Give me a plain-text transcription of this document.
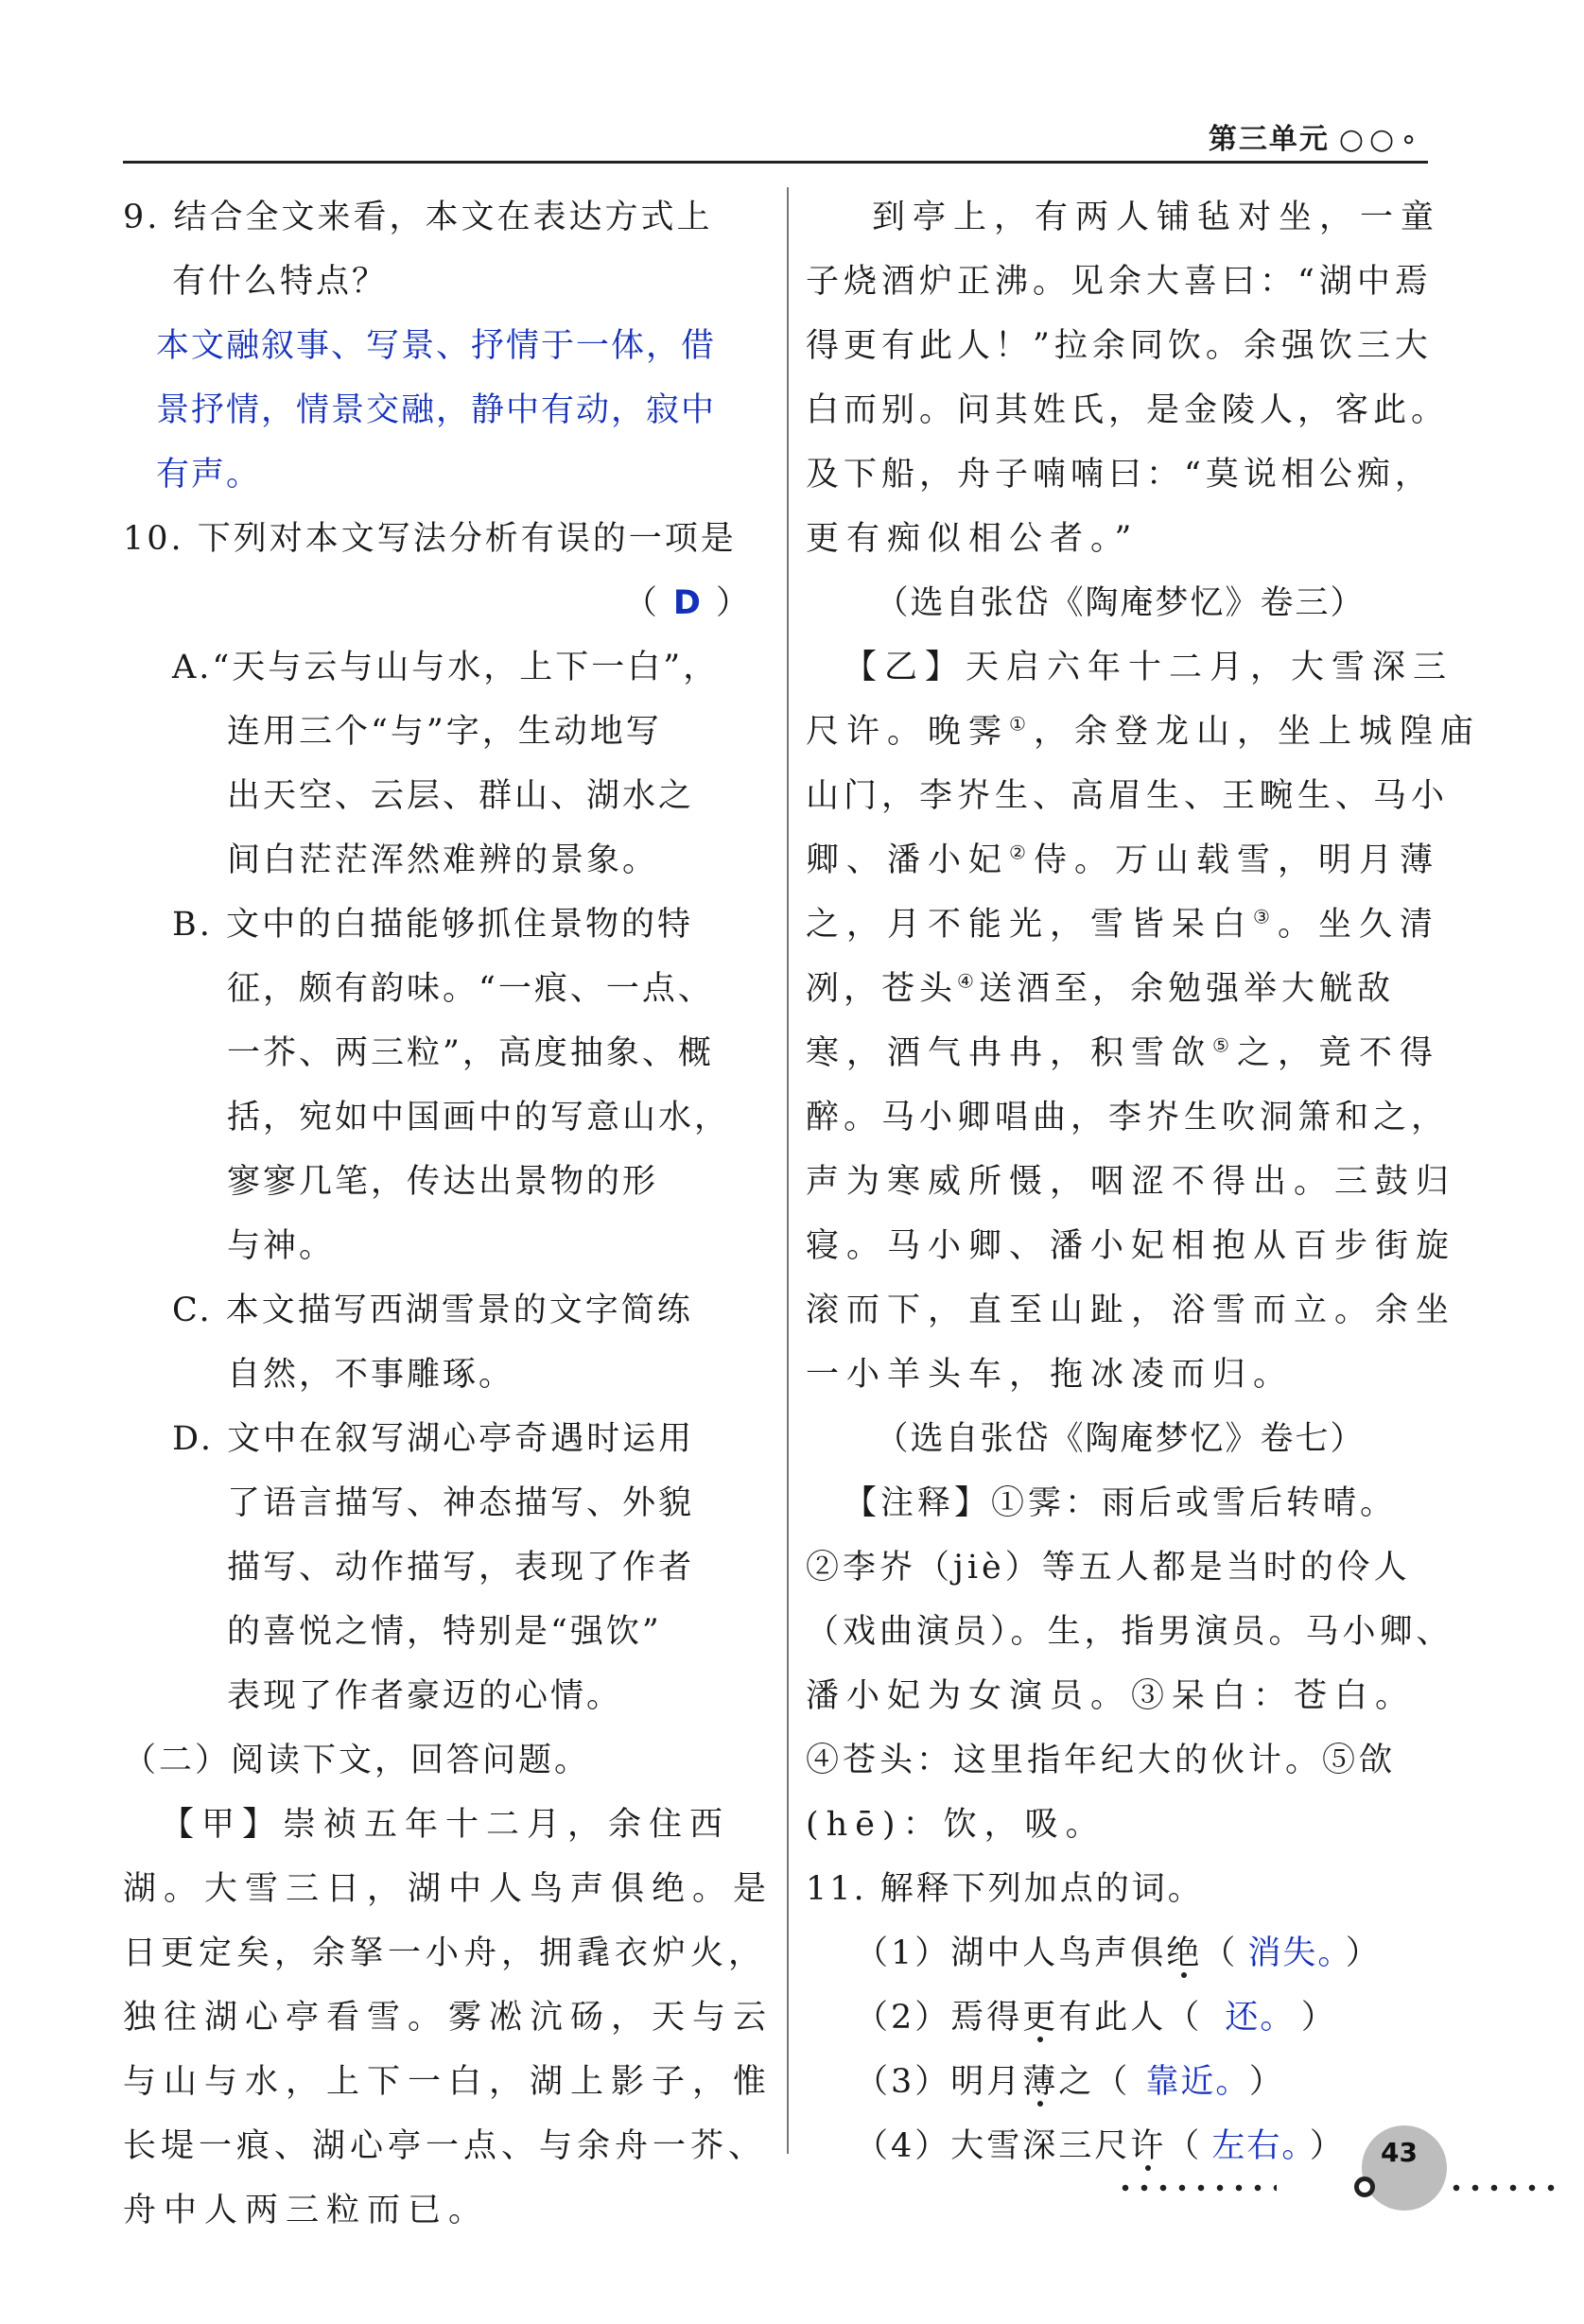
第三单元 ○○∘
9. 结合全文来看，本文在表达方式上
有什么特点？
本文融叙事、写景、抒情于一体，借
景抒情，情景交融，静中有动，寂中
有声。
10. 下列对本文写法分析有误的一项是
（ D ）
A.“天与云与山与水，上下一白”，
连用三个“与”字，生动地写
出天空、云层、群山、湖水之
间白茫茫浑然难辨的景象。
B. 文中的白描能够抓住景物的特
征，颇有韵味。“一痕、一点、
一芥、两三粒”，高度抽象、概
括，宛如中国画中的写意山水，
寥寥几笔，传达出景物的形
与神。
C. 本文描写西湖雪景的文字简练
自然，不事雕琢。
D. 文中在叙写湖心亭奇遇时运用
了语言描写、神态描写、外貌
描写、动作描写，表现了作者
的喜悦之情，特别是“强饮”
表现了作者豪迈的心情。
（二）阅读下文，回答问题。
【甲】崇祯五年十二月，余住西
湖。大雪三日，湖中人鸟声俱绝。是
日更定矣，余拏一小舟，拥毳衣炉火，
独往湖心亭看雪。雾凇沆砀，天与云
与山与水，上下一白，湖上影子，惟
长堤一痕、湖心亭一点、与余舟一芥、
舟中人两三粒而已。
到亭上，有两人铺毡对坐，一童
子烧酒炉正沸。见余大喜曰：“湖中焉
得更有此人！”拉余同饮。余强饮三大
白而别。问其姓氏，是金陵人，客此。
及下船，舟子喃喃曰：“莫说相公痴，
更有痴似相公者。”
（选自张岱《陶庵梦忆》卷三）
【乙】天启六年十二月，大雪深三
尺许。晚霁①，余登龙山，坐上城隍庙
山门，李岕生、高眉生、王畹生、马小
卿、潘小妃②侍。万山载雪，明月薄
之，月不能光，雪皆呆白③。坐久清
冽，苍头④送酒至，余勉强举大觥敌
寒，酒气冉冉，积雪欱⑤之，竟不得
醉。马小卿唱曲，李岕生吹洞箫和之，
声为寒威所慑，咽涩不得出。三鼓归
寝。马小卿、潘小妃相抱从百步街旋
滚而下，直至山趾，浴雪而立。余坐
一小羊头车，拖冰凌而归。
（选自张岱《陶庵梦忆》卷七）
【注释】①霁：雨后或雪后转晴。
②李岕（jiè）等五人都是当时的伶人
（戏曲演员）。生，指男演员。马小卿、
潘小妃为女演员。③呆白：苍白。
④苍头：这里指年纪大的伙计。⑤欱
(hē)：饮，吸。
11. 解释下列加点的词。
（1）湖中人鸟声俱绝（ 消失。 ）
（2）焉得更有此人（ 还。 ）
（3）明月薄之（ 靠近。 ）
（4）大雪深三尺许（ 左右。 ）	43
